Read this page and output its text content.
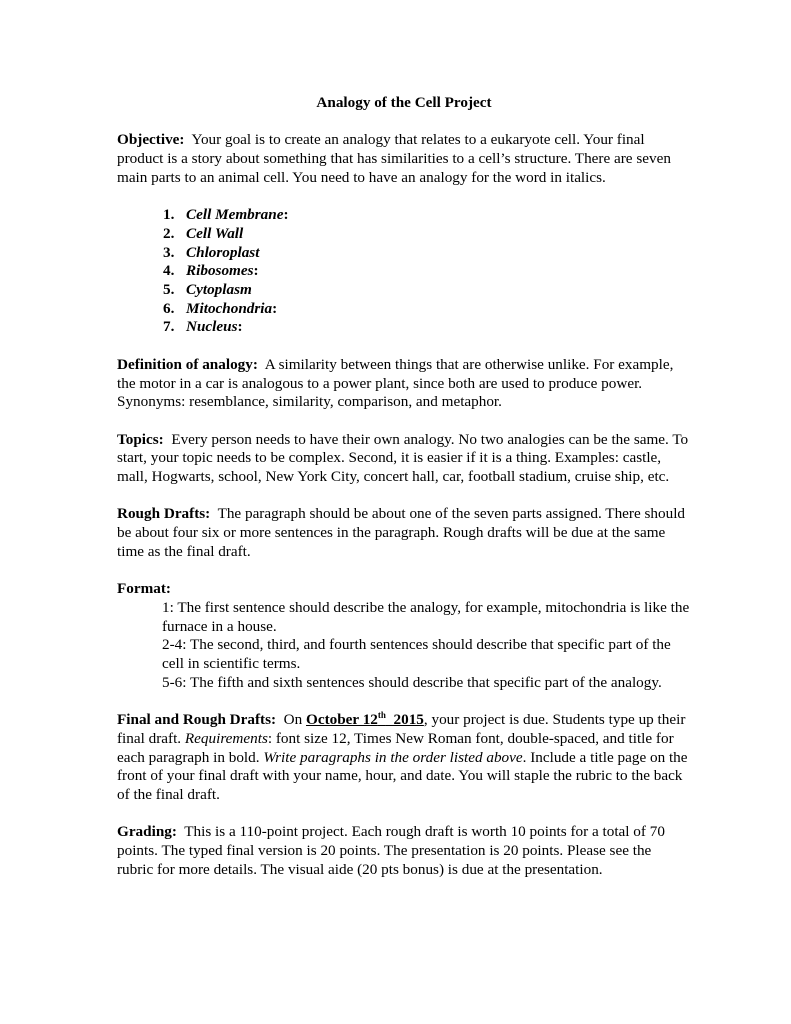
Analogy of the Cell Project

Objective: Your goal is to create an analogy that relates to a eukaryote cell. Your final product is a story about something that has similarities to a cell’s structure. There are seven main parts to an animal cell. You need to have an analogy for the word in italics.

1. Cell Membrane:
2. Cell Wall
3. Chloroplast
4. Ribosomes:
5. Cytoplasm
6. Mitochondria:
7. Nucleus:

Definition of analogy: A similarity between things that are otherwise unlike. For example, the motor in a car is analogous to a power plant, since both are used to produce power. Synonyms: resemblance, similarity, comparison, and metaphor.

Topics: Every person needs to have their own analogy. No two analogies can be the same. To start, your topic needs to be complex. Second, it is easier if it is a thing. Examples: castle, mall, Hogwarts, school, New York City, concert hall, car, football stadium, cruise ship, etc.

Rough Drafts: The paragraph should be about one of the seven parts assigned. There should be about four six or more sentences in the paragraph. Rough drafts will be due at the same time as the final draft.

Format:
1: The first sentence should describe the analogy, for example, mitochondria is like the furnace in a house.
2-4: The second, third, and fourth sentences should describe that specific part of the cell in scientific terms.
5-6: The fifth and sixth sentences should describe that specific part of the analogy.

Final and Rough Drafts: On October 12th 2015, your project is due. Students type up their final draft. Requirements: font size 12, Times New Roman font, double-spaced, and title for each paragraph in bold. Write paragraphs in the order listed above. Include a title page on the front of your final draft with your name, hour, and date. You will staple the rubric to the back of the final draft.

Grading: This is a 110-point project. Each rough draft is worth 10 points for a total of 70 points. The typed final version is 20 points. The presentation is 20 points. Please see the rubric for more details. The visual aide (20 pts bonus) is due at the presentation.
